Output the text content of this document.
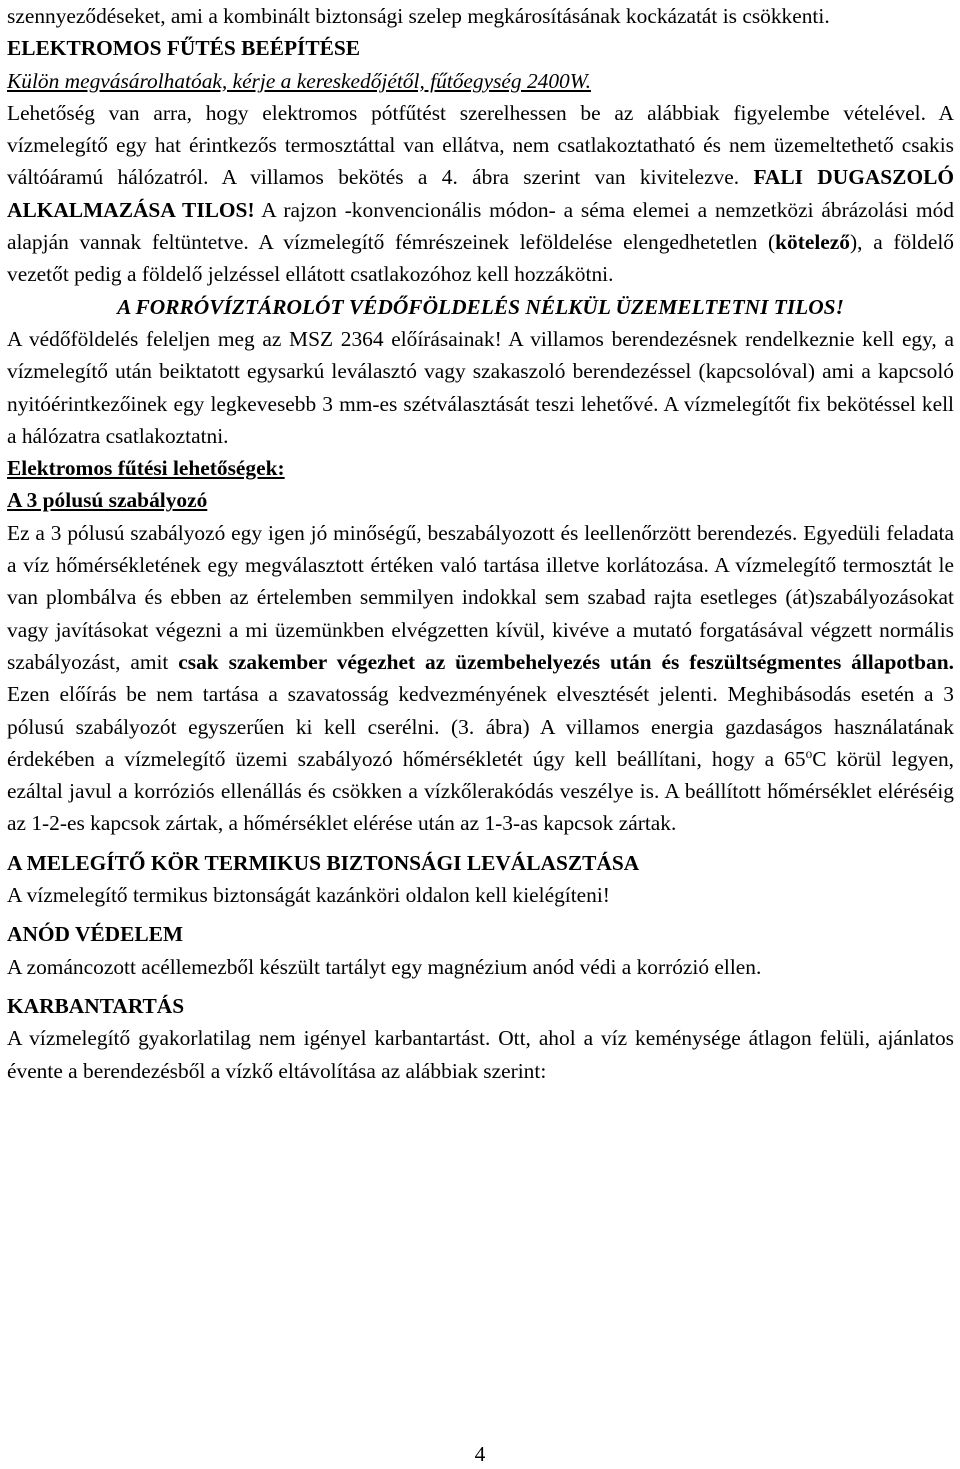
szennyeződéseket, ami a kombinált biztonsági szelep megkárosításának kockázatát is csökkenti.

ELEKTROMOS FŰTÉS BEÉPÍTÉSE

Külön megvásárolhatóak, kérje a kereskedőjétől, fűtőegység 2400W.

Lehetőség van arra, hogy elektromos pótfűtést szerelhessen be az alábbiak figyelembe vételével. A vízmelegítő egy hat érintkezős termosztáttal van ellátva, nem csatlakoztatható és nem üzemeltethető csakis váltóáramú hálózatról. A villamos bekötés a 4. ábra szerint van kivitelezve. FALI DUGASZOLÓ ALKALMAZÁSA TILOS! A rajzon -konvencionális módon- a séma elemei a nemzetközi ábrázolási mód alapján vannak feltüntetve. A vízmelegítő fémrészeinek leföldelése elengedhetetlen (kötelező), a földelő vezetőt pedig a földelő jelzéssel ellátott csatlakozóhoz kell hozzákötni.

A FORRÓVÍZTÁROLÓT VÉDŐFÖLDELÉS NÉLKÜL ÜZEMELTETNI TILOS!

A védőföldelés feleljen meg az MSZ 2364 előírásainak! A villamos berendezésnek rendelkeznie kell egy, a vízmelegítő után beiktatott egysarkú leválasztó vagy szakaszoló berendezéssel (kapcsolóval) ami a kapcsoló nyitóérintkezőinek egy legkevesebb 3 mm-es szétválasztását teszi lehetővé. A vízmelegítőt fix bekötéssel kell a hálózatra csatlakoztatni.

Elektromos fűtési lehetőségek:

A 3 pólusú szabályozó

Ez a 3 pólusú szabályozó egy igen jó minőségű, beszabályozott és leellenőrzött berendezés. Egyedüli feladata a víz hőmérsékletének egy megválasztott értéken való tartása illetve korlátozása. A vízmelegítő termosztát le van plombálva és ebben az értelemben semmilyen indokkal sem szabad rajta esetleges (át)szabályozásokat vagy javításokat végezni a mi üzemünkben elvégzetten kívül, kivéve a mutató forgatásával végzett normális szabályozást, amit csak szakember végezhet az üzembehelyezés után és feszültségmentes állapotban. Ezen előírás be nem tartása a szavatosság kedvezményének elvesztését jelenti. Meghibásodás esetén a 3 pólusú szabályozót egyszerűen ki kell cserélni. (3. ábra) A villamos energia gazdaságos használatának érdekében a vízmelegítő üzemi szabályozó hőmérsékletét úgy kell beállítani, hogy a 65$^o$C körül legyen, ezáltal javul a korróziós ellenállás és csökken a vízkőlerakódás veszélye is. A beállított hőmérséklet eléréséig az 1-2-es kapcsok zártak, a hőmérséklet elérése után az 1-3-as kapcsok zártak.

A MELEGÍTŐ KÖR TERMIKUS BIZTONSÁGI LEVÁLASZTÁSA

A vízmelegítő termikus biztonságát kazánköri oldalon kell kielégíteni!

ANÓD VÉDELEM

A zománcozott acéllemezből készült tartályt egy magnézium anód védi a korrózió ellen.

KARBANTARTÁS

A vízmelegítő gyakorlatilag nem igényel karbantartást. Ott, ahol a víz keménysége átlagon felüli, ajánlatos évente a berendezésből a vízkő eltávolítása az alábbiak szerint:

4
